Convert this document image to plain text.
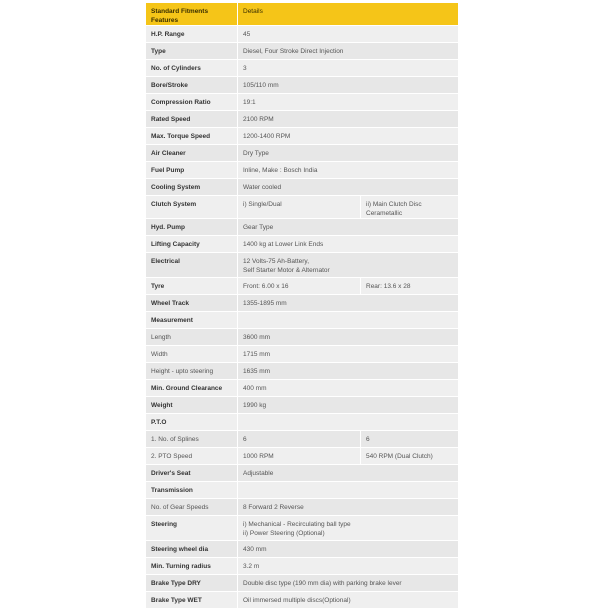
Standard Fitments Features	Details	
H.P. Range	45	
Type	Diesel, Four Stroke Direct Injection	
No. of Cylinders	3	
Bore/Stroke	105/110 mm	
Compression Ratio	19:1	
Rated Speed	2100 RPM	
Max. Torque Speed	1200-1400 RPM	
Air Cleaner	Dry Type	
Fuel Pump	Inline, Make : Bosch India	
Cooling System	Water cooled	
Clutch System	i) Single/Dual	ii) Main Clutch Disc Cerametallic
Hyd. Pump	Gear Type	
Lifting Capacity	1400 kg at Lower Link Ends	
Electrical	12 Volts-75 Ah-Battery,
Self Starter Motor & Alternator	
Tyre	Front: 6.00 x 16	Rear: 13.6 x 28
Wheel Track	1355-1895 mm	
Measurement		
Length	3600 mm	
Width	1715 mm	
Height - upto steering	1635 mm	
Min. Ground Clearance	400 mm	
Weight	1990 kg	
P.T.O		
1. No. of Splines	6	6
2. PTO Speed	1000 RPM	540 RPM (Dual Clutch)
Driver's Seat	Adjustable	
Transmission		
No. of Gear Speeds	8 Forward 2 Reverse	
Steering	i) Mechanical - Recirculating ball type
ii) Power Steering (Optional)	
Steering wheel dia	430 mm	
Min. Turning radius	3.2 m	
Brake Type DRY	Double disc type (190 mm dia) with parking brake lever	
Brake Type WET	Oil immersed multiple discs(Optional)	
